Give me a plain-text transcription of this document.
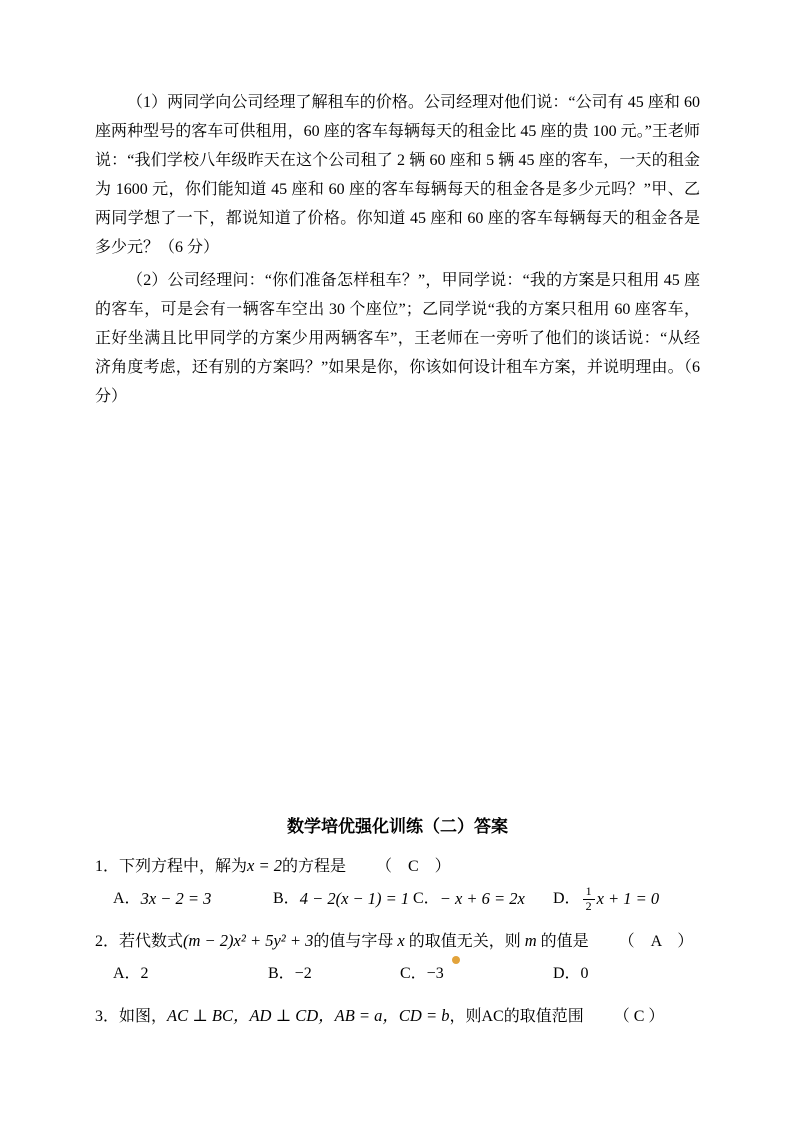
（1）两同学向公司经理了解租车的价格。公司经理对他们说：“公司有 45 座和 60 座两种型号的客车可供租用，60 座的客车每辆每天的租金比 45 座的贵 100 元。”王老师说：“我们学校八年级昨天在这个公司租了 2 辆 60 座和 5 辆 45 座的客车，一天的租金为 1600 元，你们能知道 45 座和 60 座的客车每辆每天的租金各是多少元吗？”甲、乙两同学想了一下，都说知道了价格。你知道 45 座和 60 座的客车每辆每天的租金各是多少元？（6 分）

（2）公司经理问：“你们准备怎样租车？”，甲同学说：“我的方案是只租用 45 座的客车，可是会有一辆客车空出 30 个座位”；乙同学说“我的方案只租用 60 座客车，正好坐满且比甲同学的方案少用两辆客车”，王老师在一旁听了他们的谈话说：“从经济角度考虑，还有别的方案吗？”如果是你，你该如何设计租车方案，并说明理由。（6 分）

数学培优强化训练（二）答案
1．下列方程中，解为x = 2的方程是 （　C　）
A． 3x − 2 = 3	B． 4 − 2(x − 1) = 1 C． − x + 6 = 2x D． $\frac{1}{2}$ x + 1 = 0
2．若代数式(m − 2)x² + 5y² + 3的值与字母 x 的取值无关，则 m 的值是 （　A　）
A．2	B．−2	C．−3	D．0
3．如图，AC ⊥ BC，AD ⊥ CD，AB = a，CD = b，则AC的取值范围 （ C ）
